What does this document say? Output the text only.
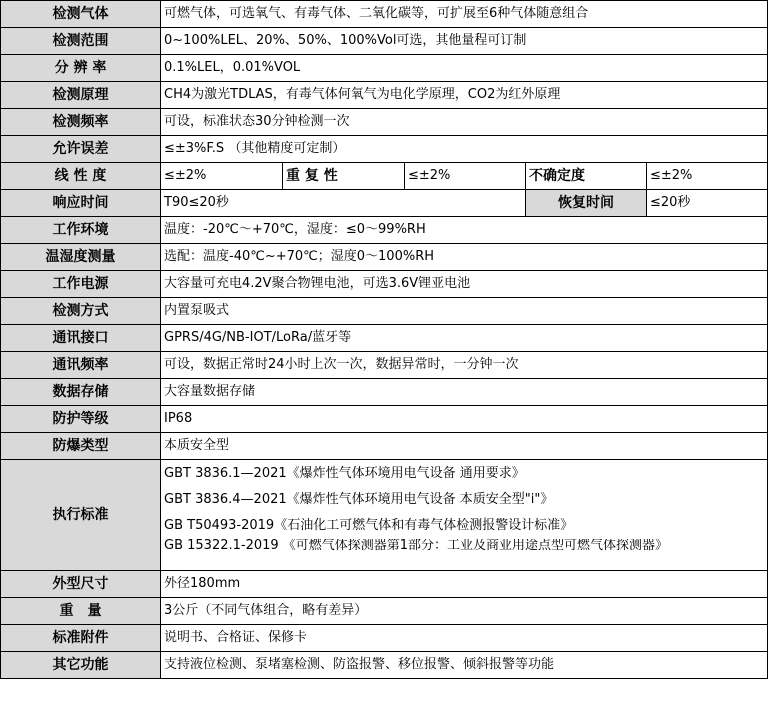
检测气体	可燃气体，可选氧气、有毒气体、二氧化碳等，可扩展至6种气体随意组合				
检测范围	0~100%LEL、20%、50%、100%Vol可选，其他量程可订制				
分 辨 率	0.1%LEL，0.01%VOL				
检测原理	CH4为激光TDLAS，有毒气体何氧气为电化学原理，CO2为红外原理				
检测频率	可设，标准状态30分钟检测一次				
允许误差	≤±3%F.S （其他精度可定制）				
线 性 度	≤±2%	重 复 性	≤±2%	不确定度	≤±2%
响应时间	T90≤20秒			恢复时间	≤20秒
工作环境	温度：-20℃～+70℃，湿度：≤0～99%RH				
温湿度测量	选配：温度-40℃~+70℃；湿度0～100%RH				
工作电源	大容量可充电4.2V聚合物锂电池，可选3.6V锂亚电池				
检测方式	内置泵吸式				
通讯接口	GPRS/4G/NB-IOT/LoRa/蓝牙等				
通讯频率	可设，数据正常时24小时上次一次，数据异常时，一分钟一次				
数据存储	大容量数据存储				
防护等级	IP68				
防爆类型	本质安全型				
执行标准	GBT 3836.1—2021《爆炸性气体环境用电气设备 通用要求》
GBT 3836.4—2021《爆炸性气体环境用电气设备 本质安全型"i"》
GB T50493-2019《石油化工可燃气体和有毒气体检测报警设计标准》
GB 15322.1-2019 《可燃气体探测器第1部分：工业及商业用途点型可燃气体探测器》				

外型尺寸	外径180mm				
重　量	3公斤（不同气体组合，略有差异）				
标准附件	说明书、合格证、保修卡				
其它功能	支持液位检测、泵堵塞检测、防盗报警、移位报警、倾斜报警等功能				
